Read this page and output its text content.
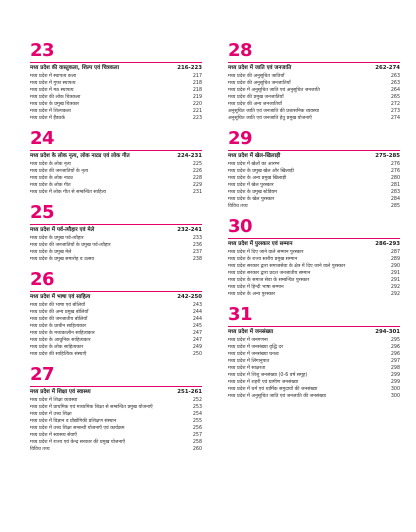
23
मध्य प्रदेश की वास्तुकला, शिल्प एवं चित्रकला	216-223
मध्य प्रदेश में स्थापत्य कला	217
मध्य प्रदेश में गुफा स्थापत्य	218
मध्य प्रदेश में मठ स्थापत्य	218
मध्य प्रदेश की लोक चित्रकला	219
मध्य प्रदेश के प्रमुख चित्रकार	220
मध्य प्रदेश में शिल्पकला	221
मध्य प्रदेश में हैंडवर्क	223
24
मध्य प्रदेश के लोक नृत्य, लोक नाट्य एवं लोक गीत	224-231
मध्य प्रदेश के लोक नृत्य	225
मध्य प्रदेश की जनजातियों के नृत्य	226
मध्य प्रदेश के लोक नाट्य	228
मध्य प्रदेश के लोक गीत	229
मध्य प्रदेश में लोक गीत से सम्बन्धित साहित्य	231
25
मध्य प्रदेश में पर्व-त्यौहार एवं मेले	232-241
मध्य प्रदेश के प्रमुख पर्व-त्यौहार	233
मध्य प्रदेश की जनजातियों के प्रमुख पर्व-त्यौहार	236
मध्य प्रदेश के प्रमुख मेले	237
मध्य प्रदेश के प्रमुख समारोह व उत्सव	238
26
मध्य प्रदेश में भाषा एवं साहित्य	242-250
मध्य प्रदेश की भाषा एवं बोलियाँ	243
मध्य प्रदेश की अन्य प्रमुख बोलियाँ	244
मध्य प्रदेश की जनजातीय बोलियाँ	244
मध्य प्रदेश के प्राचीन साहित्यकार	245
मध्य प्रदेश के मध्यकालीन साहित्यकार	247
मध्य प्रदेश के आधुनिक साहित्यकार	247
मध्य प्रदेश के लोक साहित्यकार	249
मध्य प्रदेश की साहित्यिक संस्थाएँ	250
27
मध्य प्रदेश में शिक्षा एवं स्वास्थ्य	251-261
मध्य प्रदेश में शिक्षा व्यवस्था	252
मध्य प्रदेश में प्राथमिक एवं माध्यमिक शिक्षा से सम्बन्धित प्रमुख योजनाएँ	253
मध्य प्रदेश में उच्च शिक्षा	254
मध्य प्रदेश में विज्ञान व प्रौद्योगिकी प्रशिक्षण संस्थान	255
मध्य प्रदेश में उच्च शिक्षा सम्बन्धी योजनाएँ एवं कार्यक्रम	256
मध्य प्रदेश में स्वास्थ्य सेवाएँ	257
मध्य प्रदेश में राज्य एवं केन्द्र सरकार की प्रमुख योजनाएँ	258
विविध तथ्य	260
28
मध्य प्रदेश में जाति एवं जनजाति	262-274
मध्य प्रदेश की अनुसूचित जातियाँ	263
मध्य प्रदेश की अनुसूचित जनजातियाँ	263
मध्य प्रदेश में अनुसूचित जाति एवं अनुसूचित जनजाति	264
मध्य प्रदेश की प्रमुख जनजातियाँ	265
मध्य प्रदेश की अन्य जनजातियाँ	272
अनुसूचित जाति एवं जनजाति की प्रशासनिक व्यवस्था	273
अनुसूचित जाति एवं जनजाति हेतु प्रमुख योजनाएँ	274
29
मध्य प्रदेश में खेल-खिलाड़ी	275-285
मध्य प्रदेश में खेलों का आरम्भ	276
मध्य प्रदेश के प्रमुख खेल और खिलाड़ी	276
मध्य प्रदेश के अन्य प्रमुख खिलाड़ी	280
मध्य प्रदेश में खेल पुरस्कार	281
मध्य प्रदेश के प्रमुख स्टेडियम	283
मध्य प्रदेश के खेल पुरस्कार	284
विविध तथ्य	285
30
मध्य प्रदेश में पुरस्कार एवं सम्मान	286-293
मध्य प्रदेश में दिए जाने वाले सम्मान पुरस्कार	287
मध्य प्रदेश के राज्य स्तरीय प्रमुख सम्मान	289
मध्य प्रदेश सरकार द्वारा समाजसेवा के क्षेत्र में दिए जाने वाले पुरस्कार	290
मध्य प्रदेश सरकार द्वारा प्रदत्त जनजातीय सम्मान	291
मध्य प्रदेश के समाज सेवा के सम्बन्धित पुरस्कार	291
मध्य प्रदेश में हिन्दी भाषा सम्मान	292
मध्य प्रदेश के अन्य पुरस्कार	292
31
मध्य प्रदेश में जनसंख्या	294-301
मध्य प्रदेश में जनगणना	295
मध्य प्रदेश में जनसंख्या वृद्धि दर	296
मध्य प्रदेश में जनसंख्या घनत्व	296
मध्य प्रदेश में लिंगानुपात	297
मध्य प्रदेश में साक्षरता	298
मध्य प्रदेश में शिशु जनसंख्या (0-6 वर्ष समूह)	299
मध्य प्रदेश में शहरी एवं ग्रामीण जनसंख्या	299
मध्य प्रदेश में धर्म एवं धार्मिक समुदायों की जनसंख्या	300
मध्य प्रदेश में अनुसूचित जाति एवं जनजाति की जनसंख्या	300
